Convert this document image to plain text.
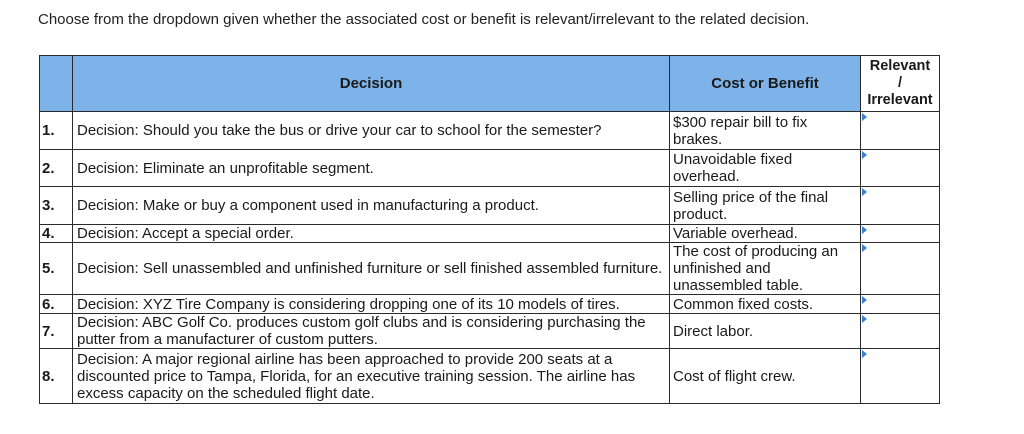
Choose from the dropdown given whether the associated cost or benefit is relevant/irrelevant to the related decision.
	Decision	Cost or Benefit	Relevant
/
Irrelevant

1.	Decision: Should you take the bus or drive your car to school for the semester?	$300 repair bill to fix brakes.	

2.	Decision: Eliminate an unprofitable segment.	Unavoidable fixed overhead.	

3.	Decision: Make or buy a component used in manufacturing a product.	Selling price of the final product.	

4.	Decision: Accept a special order.	Variable overhead.	

5.	Decision: Sell unassembled and unfinished furniture or sell finished assembled furniture.	The cost of producing an unfinished and unassembled table.	

6.	Decision: XYZ Tire Company is considering dropping one of its 10 models of tires.	Common fixed costs.	

7.	Decision: ABC Golf Co. produces custom golf clubs and is considering purchasing the putter from a manufacturer of custom putters.	Direct labor.	

8.	Decision: A major regional airline has been approached to provide 200 seats at a discounted price to Tampa, Florida, for an executive training session. The airline has excess capacity on the scheduled flight date.	Cost of flight crew.	
